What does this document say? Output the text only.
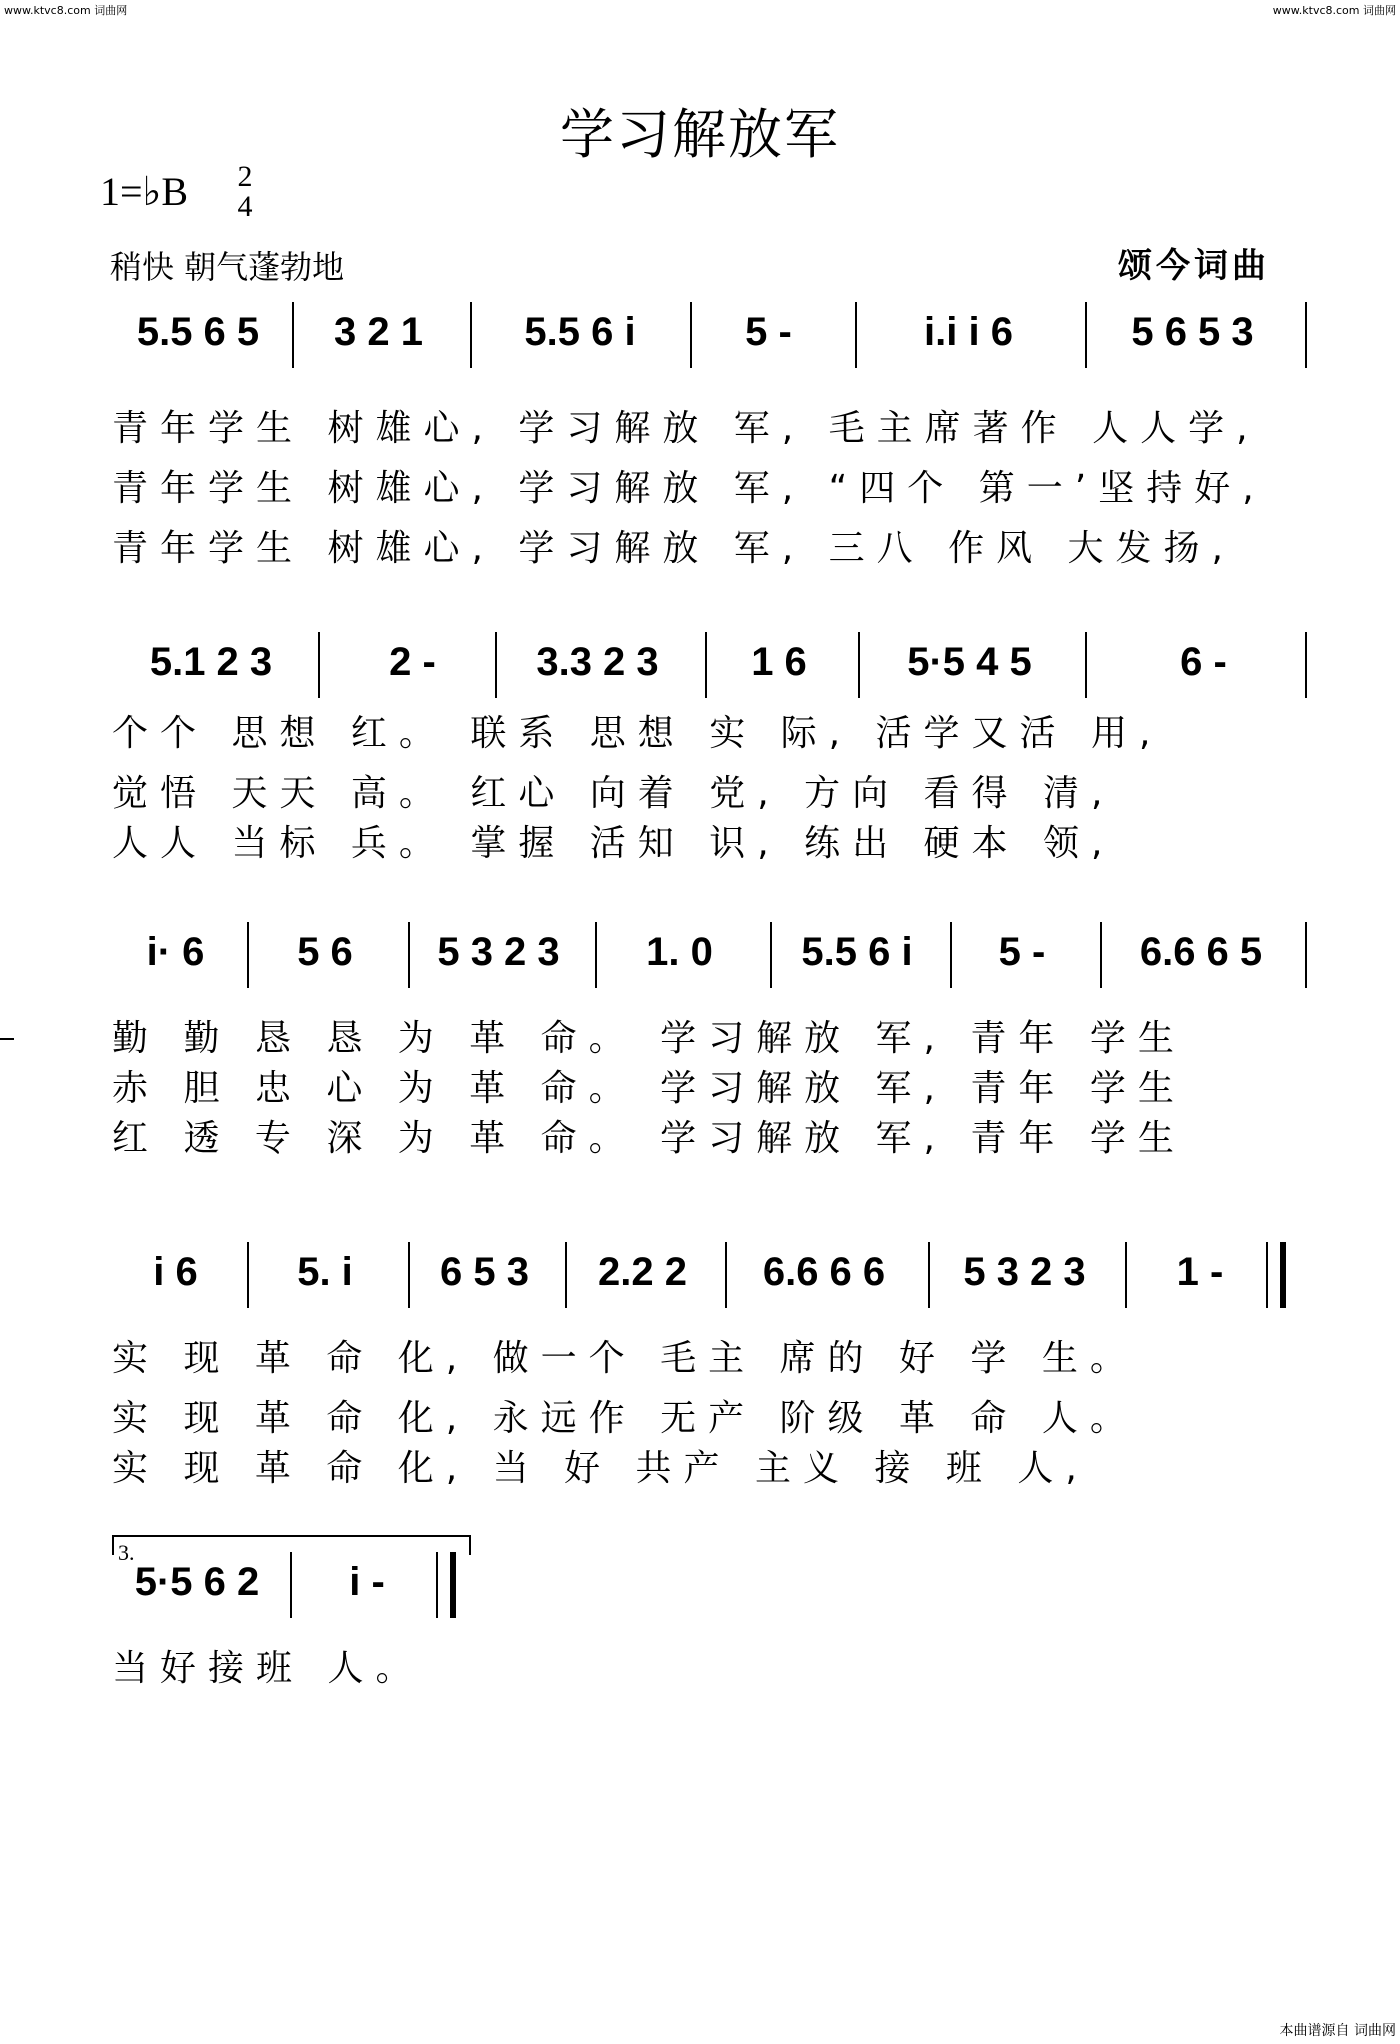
www.ktvc8.com 词曲网	www.ktvc8.com 词曲网
学习解放军
1=♭B 2
4
稍快 朝气蓬勃地	颂今词曲
5.5 6 5	3 2 1	5.5 6 i	5 -	i.i i 6	5 6 5 3
青年学生 树雄心, 学习解放 军, 毛主席著作 人人学,
青年学生 树雄心, 学习解放 军, “四个 第一’坚持好,
青年学生 树雄心, 学习解放 军, 三八 作风 大发扬,
5.1 2 3	2 -	3.3 2 3	1 6	5·5 4 5	6 -
个个 思想 红。 联系 思想 实 际, 活学又活 用,
觉悟 天天 高。 红心 向着 党, 方向 看得 清,
人人 当标 兵。 掌握 活知 识, 练出 硬本 领,
i· 6	5 6	5 3 2 3	1. 0	5.5 6 i	5 -	6.6 6 5
勤 勤 恳 恳 为 革 命。 学习解放 军, 青年 学生
赤 胆 忠 心 为 革 命。 学习解放 军, 青年 学生
红 透 专 深 为 革 命。 学习解放 军, 青年 学生
i 6	5. i	6 5 3	2.2 2	6.6 6 6	5 3 2 3	1 -
实 现 革 命 化, 做一个 毛主 席的 好 学 生。
实 现 革 命 化, 永远作 无产 阶级 革 命 人。
实 现 革 命 化, 当 好 共产 主义 接 班 人,
5·5 6 2	i -
当好接班 人。
3.
本曲谱源自 词曲网
